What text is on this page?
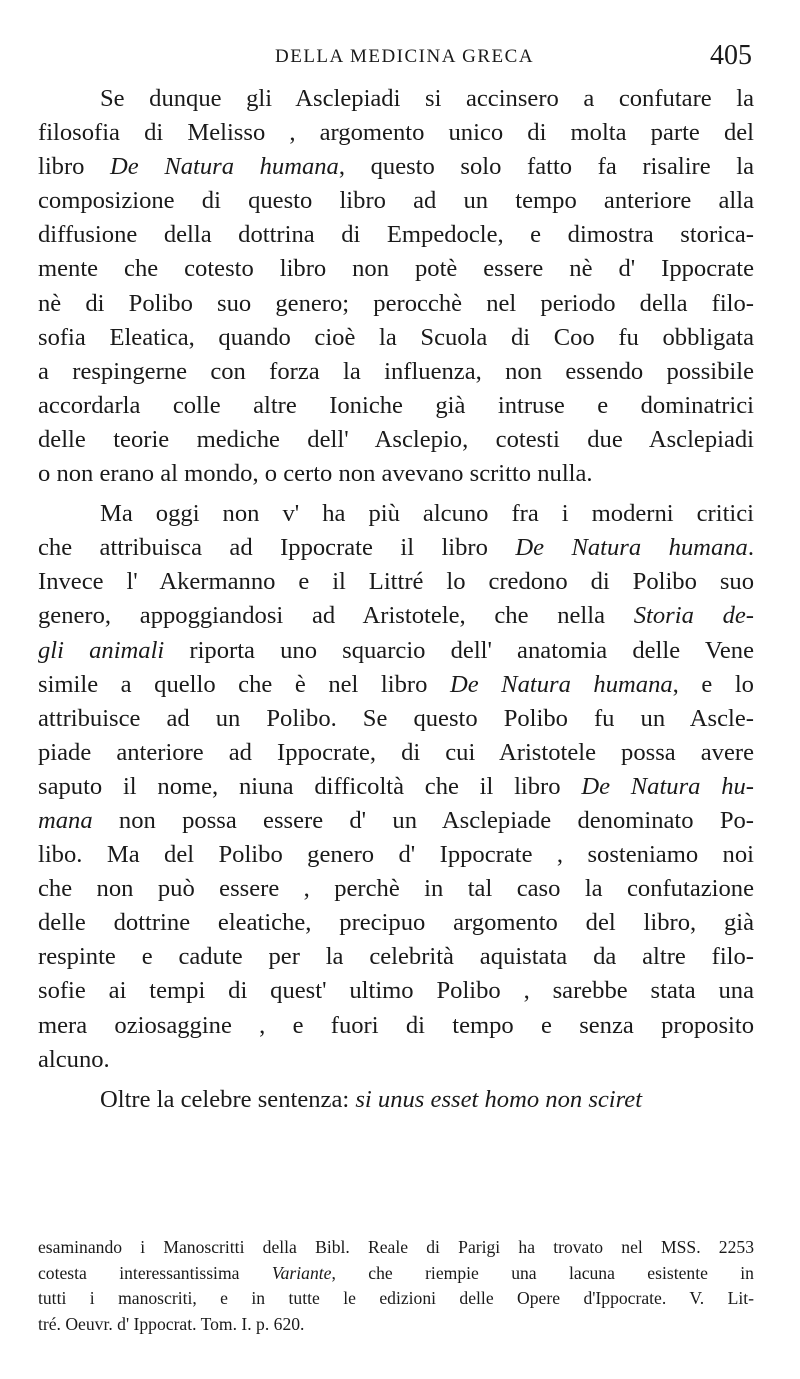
DELLA MEDICINA GRECA	405
Se dunque gli Asclepiadi si accinsero a confutare la
filosofia di Melisso , argomento unico di molta parte del
libro De Natura humana, questo solo fatto fa risalire la
composizione di questo libro ad un tempo anteriore alla
diffusione della dottrina di Empedocle, e dimostra storica-
mente che cotesto libro non potè essere nè d' Ippocrate
nè di Polibo suo genero; perocchè nel periodo della filo-
sofia Eleatica, quando cioè la Scuola di Coo fu obbligata
a respingerne con forza la influenza, non essendo possibile
accordarla colle altre Ioniche già intruse e dominatrici
delle teorie mediche dell' Asclepio, cotesti due Asclepiadi
o non erano al mondo, o certo non avevano scritto nulla.
Ma oggi non v' ha più alcuno fra i moderni critici
che attribuisca ad Ippocrate il libro De Natura humana.
Invece l' Akermanno e il Littré lo credono di Polibo suo
genero, appoggiandosi ad Aristotele, che nella Storia de-
gli animali riporta uno squarcio dell' anatomia delle Vene
simile a quello che è nel libro De Natura humana, e lo
attribuisce ad un Polibo. Se questo Polibo fu un Ascle-
piade anteriore ad Ippocrate, di cui Aristotele possa avere
saputo il nome, niuna difficoltà che il libro De Natura hu-
mana non possa essere d' un Asclepiade denominato Po-
libo. Ma del Polibo genero d' Ippocrate , sosteniamo noi
che non può essere , perchè in tal caso la confutazione
delle dottrine eleatiche, precipuo argomento del libro, già
respinte e cadute per la celebrità aquistata da altre filo-
sofie ai tempi di quest' ultimo Polibo , sarebbe stata una
mera oziosaggine , e fuori di tempo e senza proposito
alcuno.
Oltre la celebre sentenza: si unus esset homo non sciret
esaminando i Manoscritti della Bibl. Reale di Parigi ha trovato nel MSS. 2253
cotesta interessantissima Variante, che riempie una lacuna esistente in
tutti i manoscriti, e in tutte le edizioni delle Opere d'Ippocrate. V. Lit-
tré. Oeuvr. d' Ippocrat. Tom. I. p. 620.
